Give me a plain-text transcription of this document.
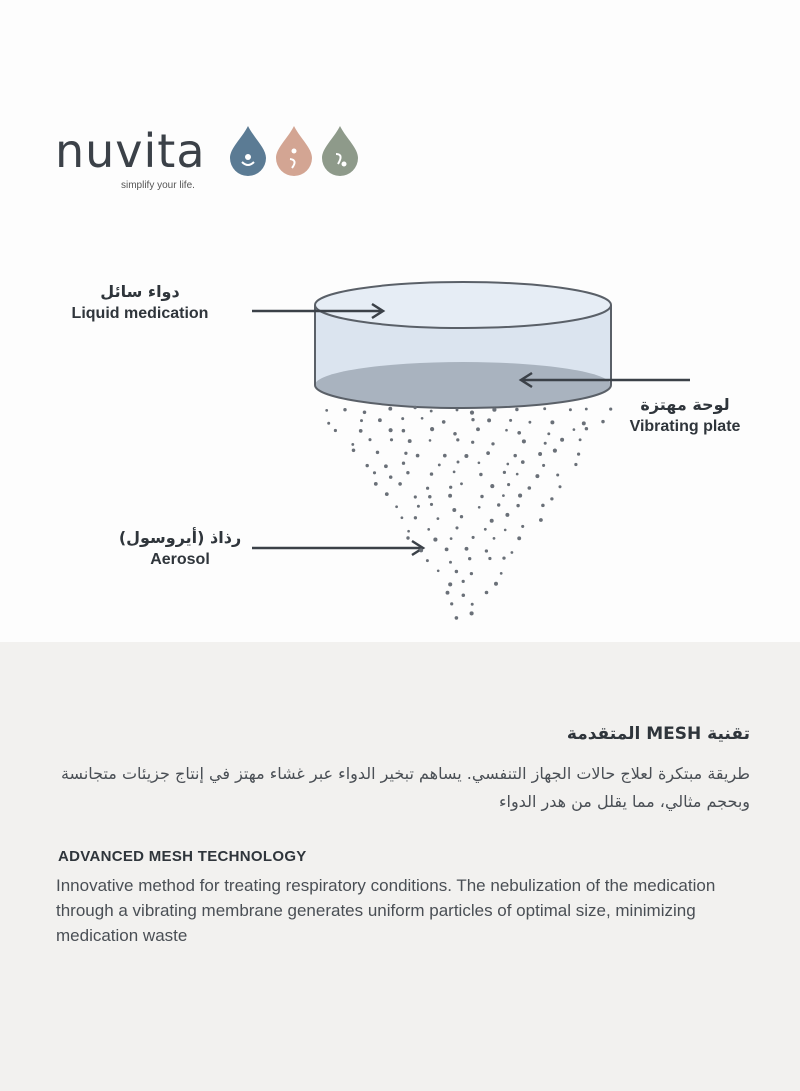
nuvita
simplify your life.
دواء سائل
Liquid medication
لوحة مهتزة
Vibrating plate
رذاذ (أيروسول)
Aerosol
تقنية MESH المتقدمة
طريقة مبتكرة لعلاج حالات الجهاز التنفسي. يساهم تبخير الدواء عبر غشاء مهتز في إنتاج جزيئات متجانسة وبحجم مثالي، مما يقلل من هدر الدواء
ADVANCED MESH TECHNOLOGY
Innovative method for treating respiratory conditions. The nebulization of the medication through a vibrating membrane generates uniform particles of optimal size, minimizing medication waste
